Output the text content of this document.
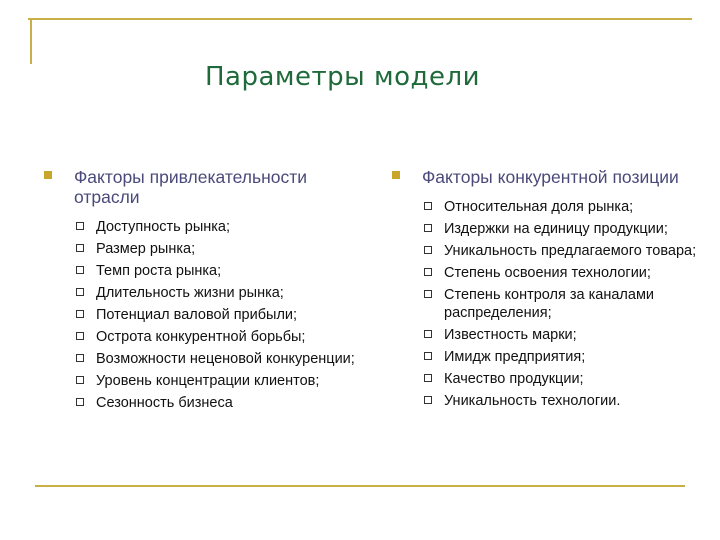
Параметры модели
Факторы привлекательности отрасли
Доступность рынка;
Размер рынка;
Темп роста рынка;
Длительность жизни рынка;
Потенциал валовой прибыли;
Острота конкурентной борьбы;
Возможности неценовой конкуренции;
Уровень концентрации клиентов;
Сезонность бизнеса
Факторы конкурентной позиции
Относительная доля рынка;
Издержки на единицу продукции;
Уникальность предлагаемого товара;
Степень освоения технологии;
Степень контроля за каналами распределения;
Известность марки;
Имидж предприятия;
Качество продукции;
Уникальность технологии.
